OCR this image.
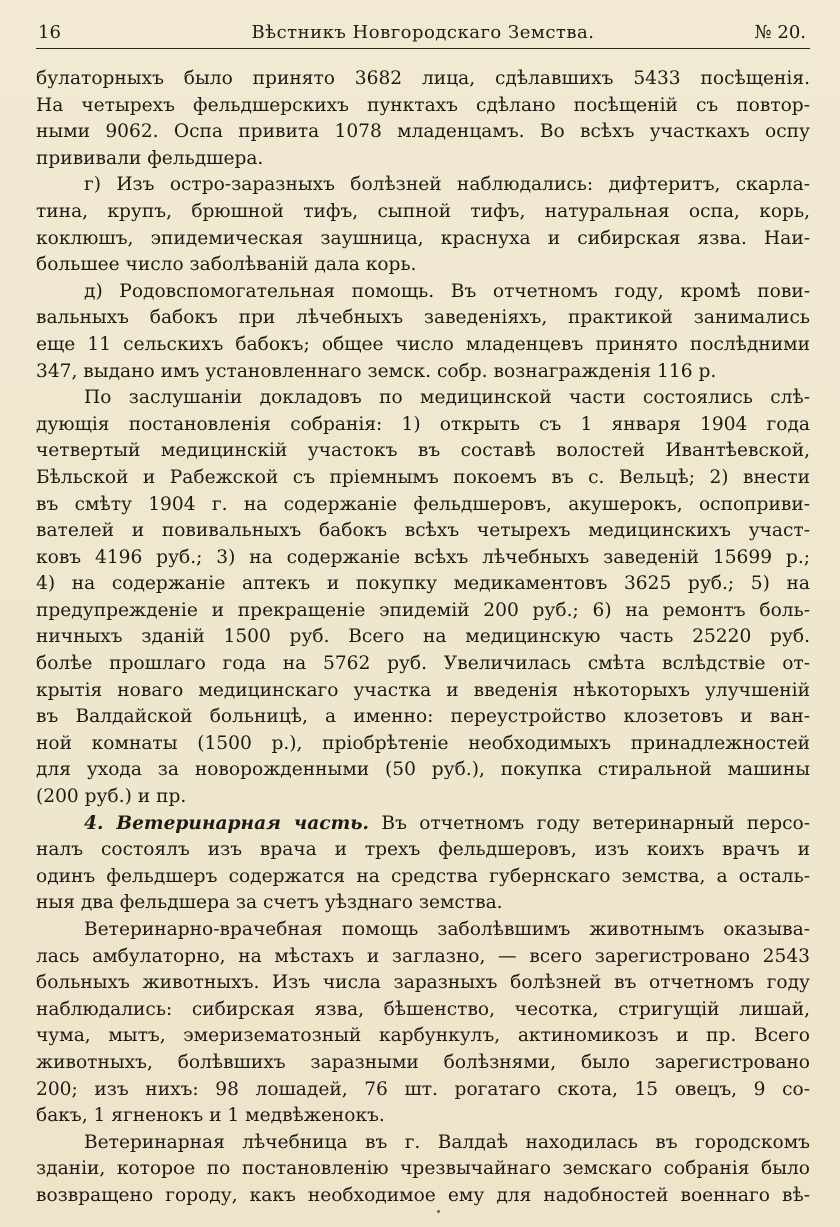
16	Вѣстникъ Новгородскаго Земства.	№ 20.

булаторныхъ было принято 3682 лица, сдѣлавшихъ 5433 посѣщенія.

На четырехъ фельдшерскихъ пунктахъ сдѣлано посѣщеній съ повтор-

ными 9062. Оспа привита 1078 младенцамъ. Во всѣхъ участкахъ оспу

прививали фельдшера.

г) Изъ остро-заразныхъ болѣзней наблюдались: дифтеритъ, скарла-

тина, крупъ, брюшной тифъ, сыпной тифъ, натуральная оспа, корь,

коклюшъ, эпидемическая заушница, краснуха и сибирская язва. Наи-

большее число заболѣваній дала корь.

д) Родовспомогательная помощь. Въ отчетномъ году, кромѣ пови-

вальныхъ бабокъ при лѣчебныхъ заведеніяхъ, практикой занимались

еще 11 сельскихъ бабокъ; общее число младенцевъ принято послѣдними

347, выдано имъ установленнаго земск. собр. вознагражденія 116 р.

По заслушаніи докладовъ по медицинской части состоялись слѣ-

дующія постановленія собранія: 1) открыть съ 1 января 1904 года

четвертый медицинскій участокъ въ составѣ волостей Ивантѣевской,

Бѣльской и Рабежской съ пріемнымъ покоемъ въ с. Вельцѣ; 2) внести

въ смѣту 1904 г. на содержаніе фельдшеровъ, акушерокъ, оспоприви-

вателей и повивальныхъ бабокъ всѣхъ четырехъ медицинскихъ участ-

ковъ 4196 руб.; 3) на содержаніе всѣхъ лѣчебныхъ заведеній 15699 р.;

4) на содержаніе аптекъ и покупку медикаментовъ 3625 руб.; 5) на

предупрежденіе и прекращеніе эпидемій 200 руб.; 6) на ремонтъ боль-

ничныхъ зданій 1500 руб. Всего на медицинскую часть 25220 руб.

болѣе прошлаго года на 5762 руб. Увеличилась смѣта вслѣдствіе от-

крытія новаго медицинскаго участка и введенія нѣкоторыхъ улучшеній

въ Валдайской больницѣ, а именно: переустройство клозетовъ и ван-

ной комнаты (1500 р.), пріобрѣтеніе необходимыхъ принадлежностей

для ухода за новорожденными (50 руб.), покупка стиральной машины

(200 руб.) и пр.

4. Ветеринарная часть. Въ отчетномъ году ветеринарный персо-

налъ состоялъ изъ врача и трехъ фельдшеровъ, изъ коихъ врачъ и

одинъ фельдшеръ содержатся на средства губернскаго земства, а осталь-

ныя два фельдшера за счетъ уѣзднаго земства.

Ветеринарно-врачебная помощь заболѣвшимъ животнымъ оказыва-

лась амбулаторно, на мѣстахъ и заглазно, — всего зарегистровано 2543

больныхъ животныхъ. Изъ числа заразныхъ болѣзней въ отчетномъ году

наблюдались: сибирская язва, бѣшенство, чесотка, стригущій лишай,

чума, мытъ, эмеризематозный карбункулъ, актиномикозъ и пр. Всего

животныхъ, болѣвшихъ заразными болѣзнями, было зарегистровано

200; изъ нихъ: 98 лошадей, 76 шт. рогатаго скота, 15 овецъ, 9 со-

бакъ, 1 ягненокъ и 1 медвѣженокъ.

Ветеринарная лѣчебница въ г. Валдаѣ находилась въ городскомъ

зданіи, которое по постановленію чрезвычайнаго земскаго собранія было

возвращено городу, какъ необходимое ему для надобностей военнаго вѣ-
